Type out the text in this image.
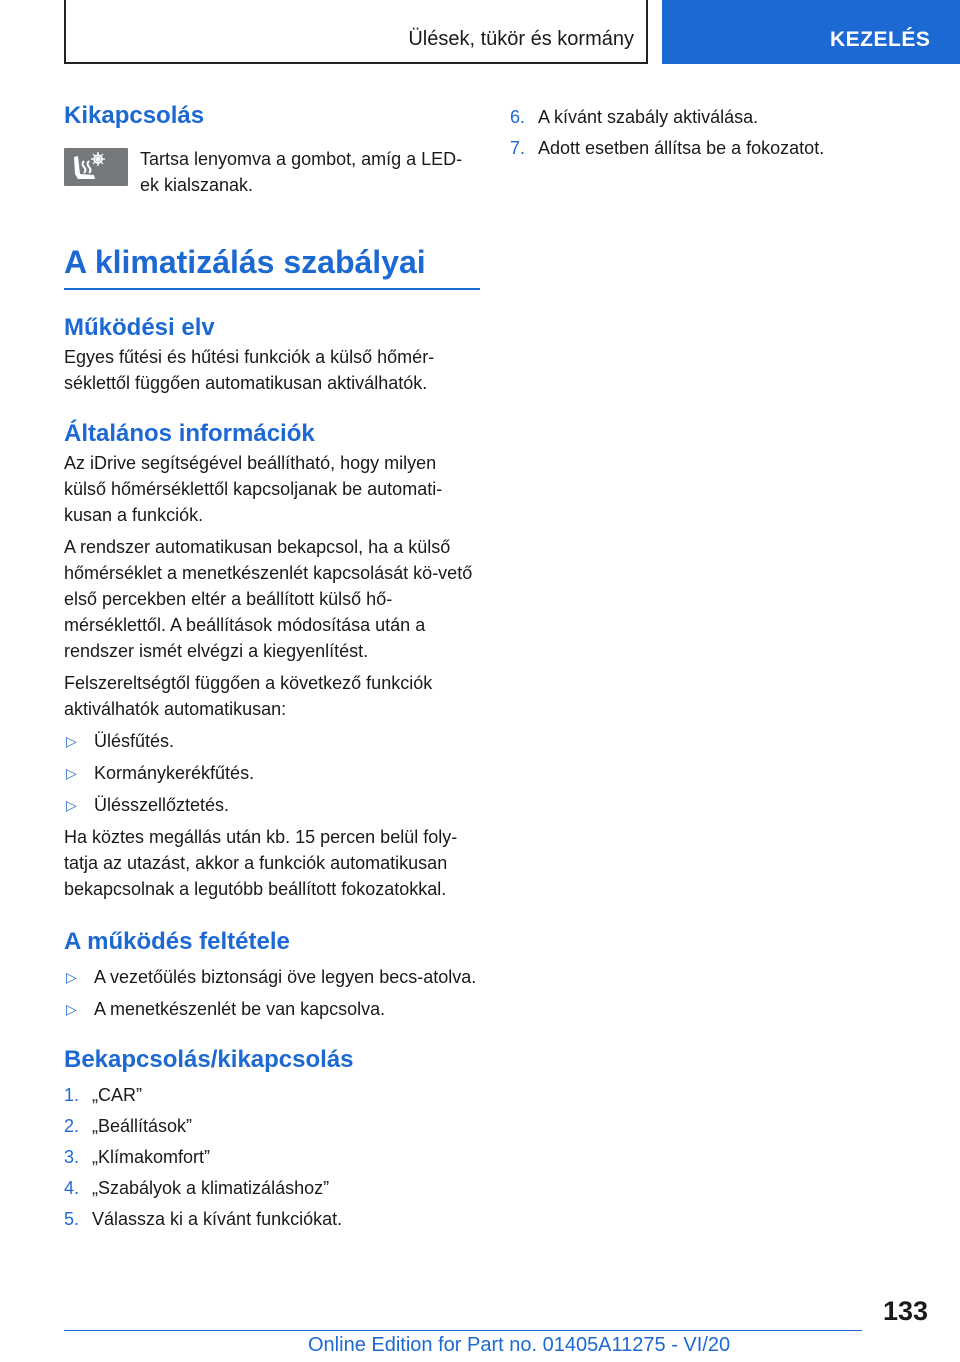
Ülések, tükör és kormány	KEZELÉS
Kikapcsolás

Tartsa lenyomva a gombot, amíg a LED-ek kialszanak.

A klimatizálás szabályai
Működési elv

Egyes fűtési és hűtési funkciók a külső hőmér-séklettől függően automatikusan aktiválhatók.

Általános információk

Az iDrive segítségével beállítható, hogy milyen külső hőmérséklettől kapcsoljanak be automati-kusan a funkciók.

A rendszer automatikusan bekapcsol, ha a külső hőmérséklet a menetkészenlét kapcsolását kö-vető első percekben eltér a beállított külső hő-mérséklettől. A beállítások módosítása után a rendszer ismét elvégzi a kiegyenlítést.

Felszereltségtől függően a következő funkciók aktiválhatók automatikusan:

▷ Ülésfűtés.
▷ Kormánykerékfűtés.
▷ Ülésszellőztetés.

Ha köztes megállás után kb. 15 percen belül foly-tatja az utazást, akkor a funkciók automatikusan bekapcsolnak a legutóbb beállított fokozatokkal.

A működés feltétele
▷ A vezetőülés biztonsági öve legyen becs-atolva.
▷ A menetkészenlét be van kapcsolva.
Bekapcsolás/kikapcsolás
1. „CAR”
2. „Beállítások”
3. „Klímakomfort”
4. „Szabályok a klimatizáláshoz”
5. Válassza ki a kívánt funkciókat.
6. A kívánt szabály aktiválása.
7. Adott esetben állítsa be a fokozatot.
133
Online Edition for Part no. 01405A11275 - VI/20
